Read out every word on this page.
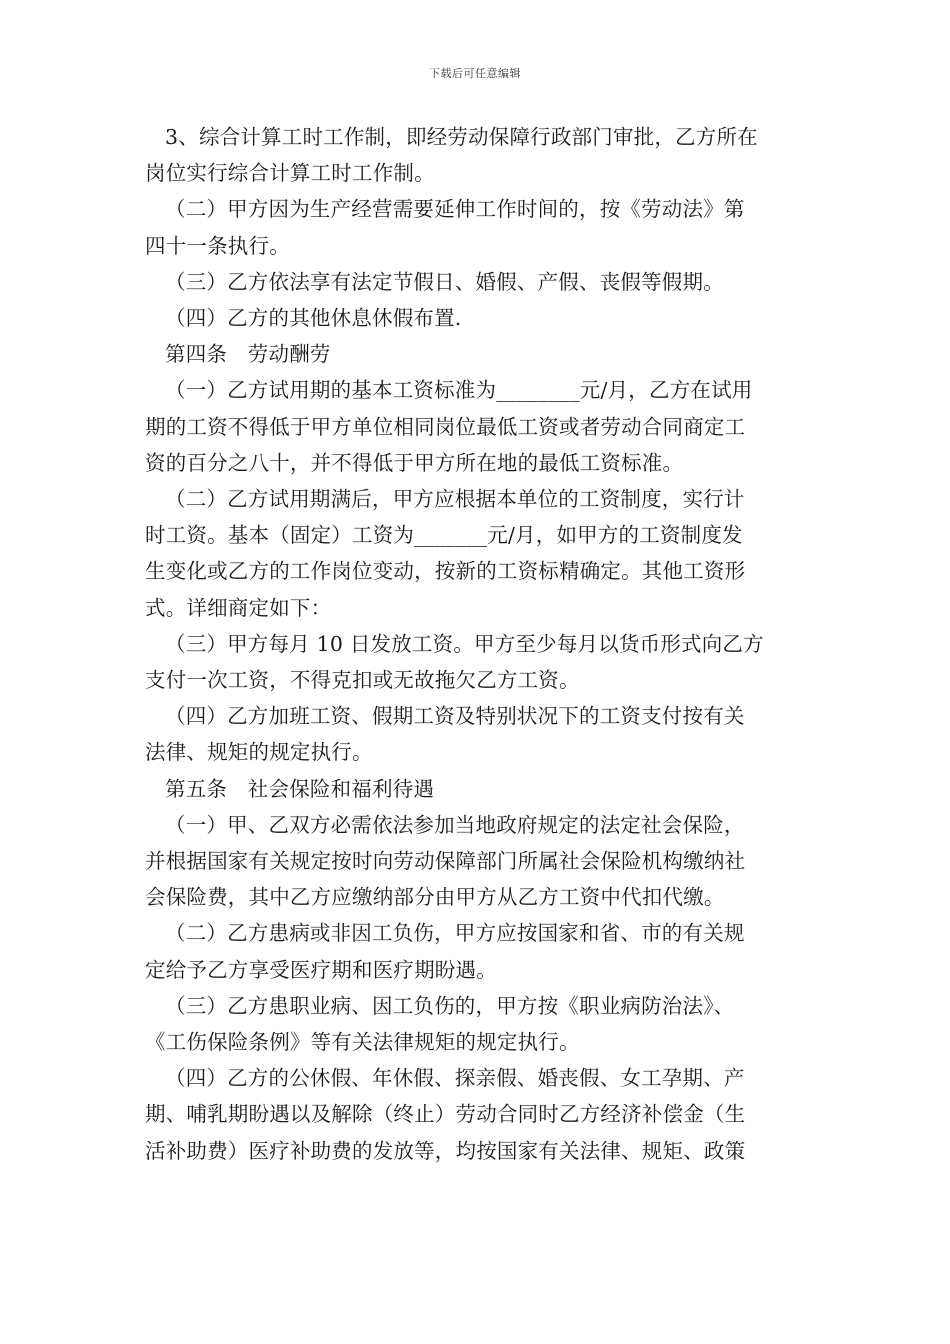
下载后可任意编辑

3、综合计算工时工作制，即经劳动保障行政部门审批，乙方所在

岗位实行综合计算工时工作制。

（二）甲方因为生产经营需要延伸工作时间的，按《劳动法》第

四十一条执行。

（三）乙方依法享有法定节假日、婚假、产假、丧假等假期。

（四）乙方的其他休息休假布置.

第四条　劳动酬劳

（一）乙方试用期的基本工资标准为________元/月，乙方在试用

期的工资不得低于甲方单位相同岗位最低工资或者劳动合同商定工

资的百分之八十，并不得低于甲方所在地的最低工资标准。

（二）乙方试用期满后，甲方应根据本单位的工资制度，实行计

时工资。基本（固定）工资为_______元/月，如甲方的工资制度发

生变化或乙方的工作岗位变动，按新的工资标精确定。其他工资形

式。详细商定如下：

（三）甲方每月 10 日发放工资。甲方至少每月以货币形式向乙方

支付一次工资，不得克扣或无故拖欠乙方工资。

（四）乙方加班工资、假期工资及特别状况下的工资支付按有关

法律、规矩的规定执行。

第五条　社会保险和福利待遇

（一）甲、乙双方必需依法参加当地政府规定的法定社会保险，

并根据国家有关规定按时向劳动保障部门所属社会保险机构缴纳社

会保险费，其中乙方应缴纳部分由甲方从乙方工资中代扣代缴。

（二）乙方患病或非因工负伤，甲方应按国家和省、市的有关规

定给予乙方享受医疗期和医疗期盼遇。

（三）乙方患职业病、因工负伤的，甲方按《职业病防治法》、

《工伤保险条例》等有关法律规矩的规定执行。

（四）乙方的公休假、年休假、探亲假、婚丧假、女工孕期、产

期、哺乳期盼遇以及解除（终止）劳动合同时乙方经济补偿金（生

活补助费）医疗补助费的发放等，均按国家有关法律、规矩、政策
